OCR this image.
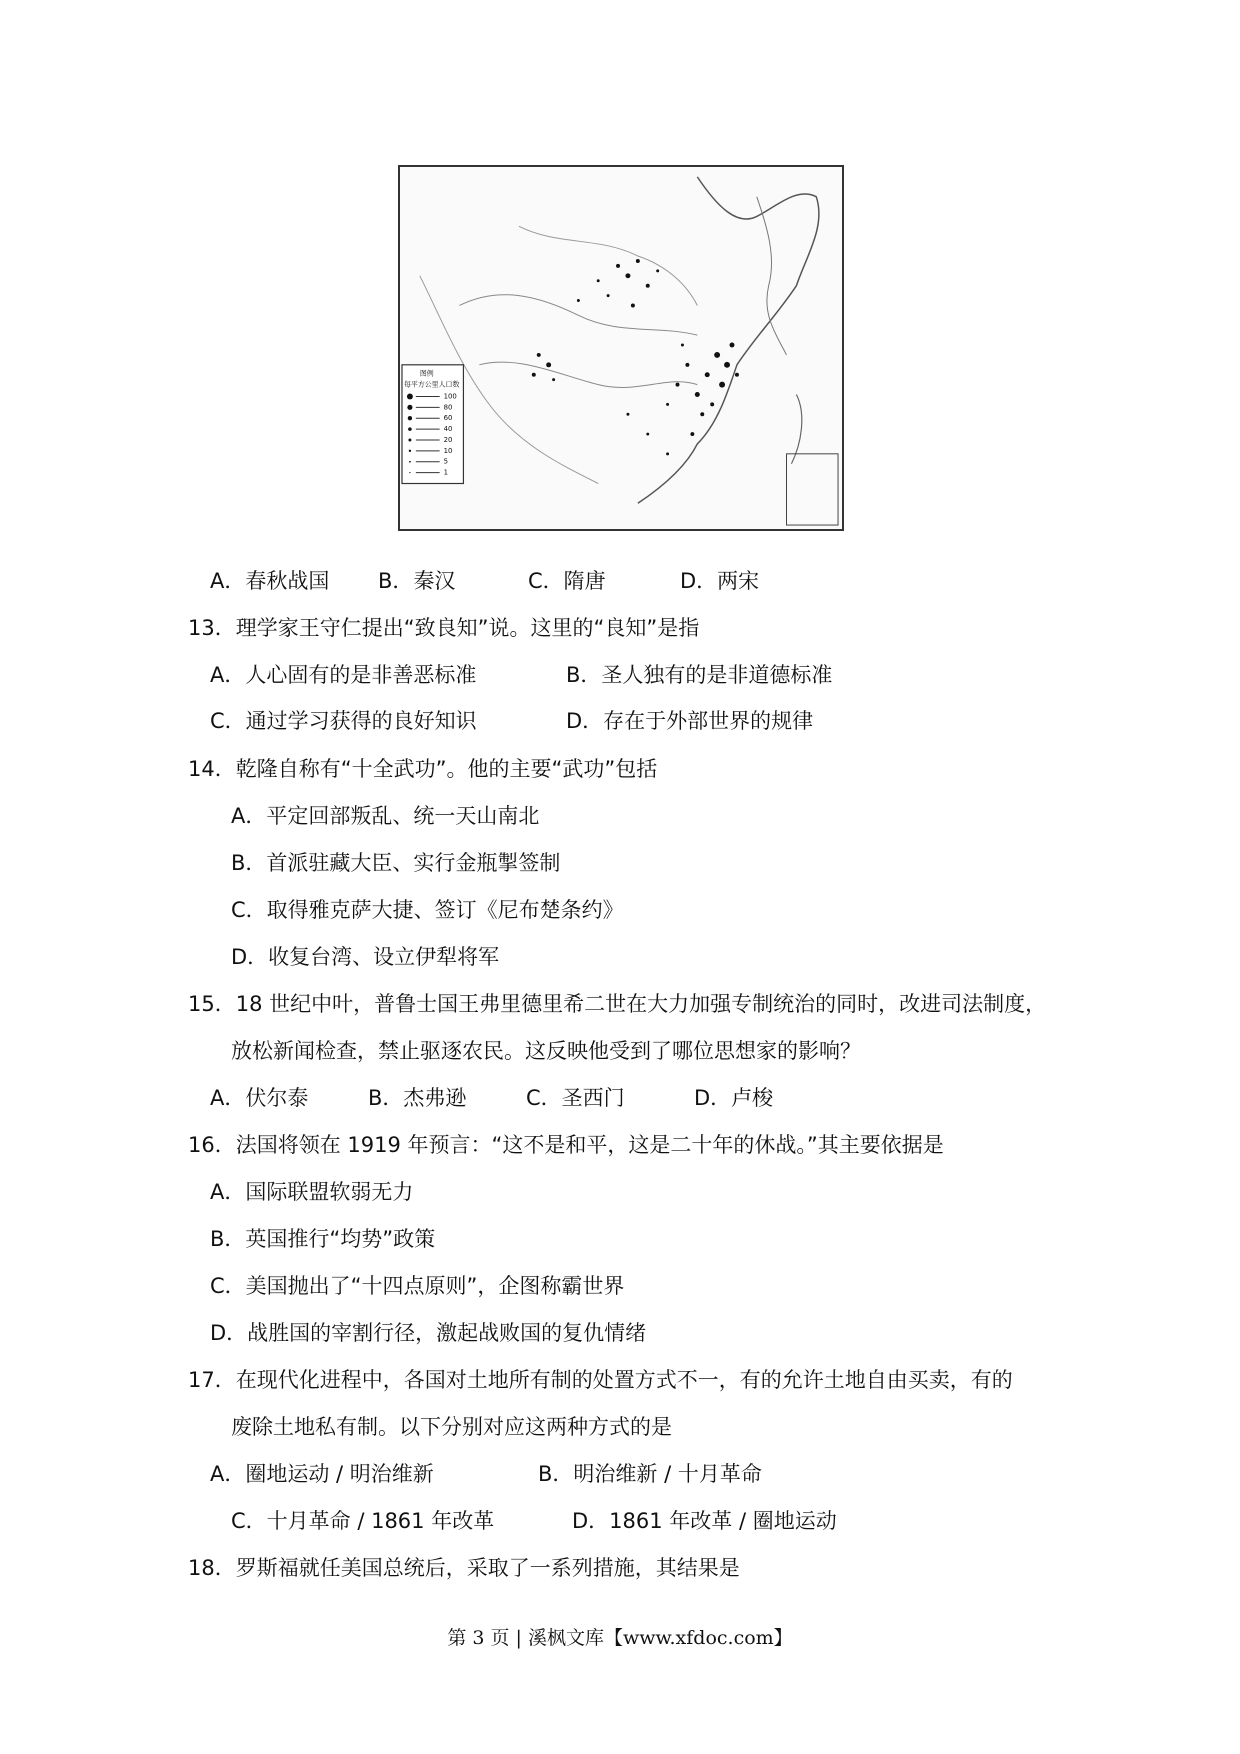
图例
每平方公里人口数
100
80
60
40
20
10
5
1
A．春秋战国 B．秦汉	C．隋唐	D．两宋
13．理学家王守仁提出“致良知”说。这里的“良知”是指
A．人心固有的是非善恶标准	B．圣人独有的是非道德标准
C．通过学习获得的良好知识	D．存在于外部世界的规律
14．乾隆自称有“十全武功”。他的主要“武功”包括
A．平定回部叛乱、统一天山南北
B．首派驻藏大臣、实行金瓶掣签制
C．取得雅克萨大捷、签订《尼布楚条约》
D．收复台湾、设立伊犁将军
15．18 世纪中叶，普鲁士国王弗里德里希二世在大力加强专制统治的同时，改进司法制度，
放松新闻检查，禁止驱逐农民。这反映他受到了哪位思想家的影响？
A．伏尔泰	B．杰弗逊	C．圣西门	D．卢梭
16．法国将领在 1919 年预言：“这不是和平，这是二十年的休战。”其主要依据是
A．国际联盟软弱无力
B．英国推行“均势”政策
C．美国抛出了“十四点原则”，企图称霸世界
D．战胜国的宰割行径，激起战败国的复仇情绪
17．在现代化进程中，各国对土地所有制的处置方式不一，有的允许土地自由买卖，有的
废除土地私有制。以下分别对应这两种方式的是
A．圈地运动 / 明治维新	B．明治维新 / 十月革命
C．十月革命 / 1861 年改革	D．1861 年改革 / 圈地运动
18．罗斯福就任美国总统后，采取了一系列措施，其结果是
第 3 页 | 溪枫文库【www.xfdoc.com】
